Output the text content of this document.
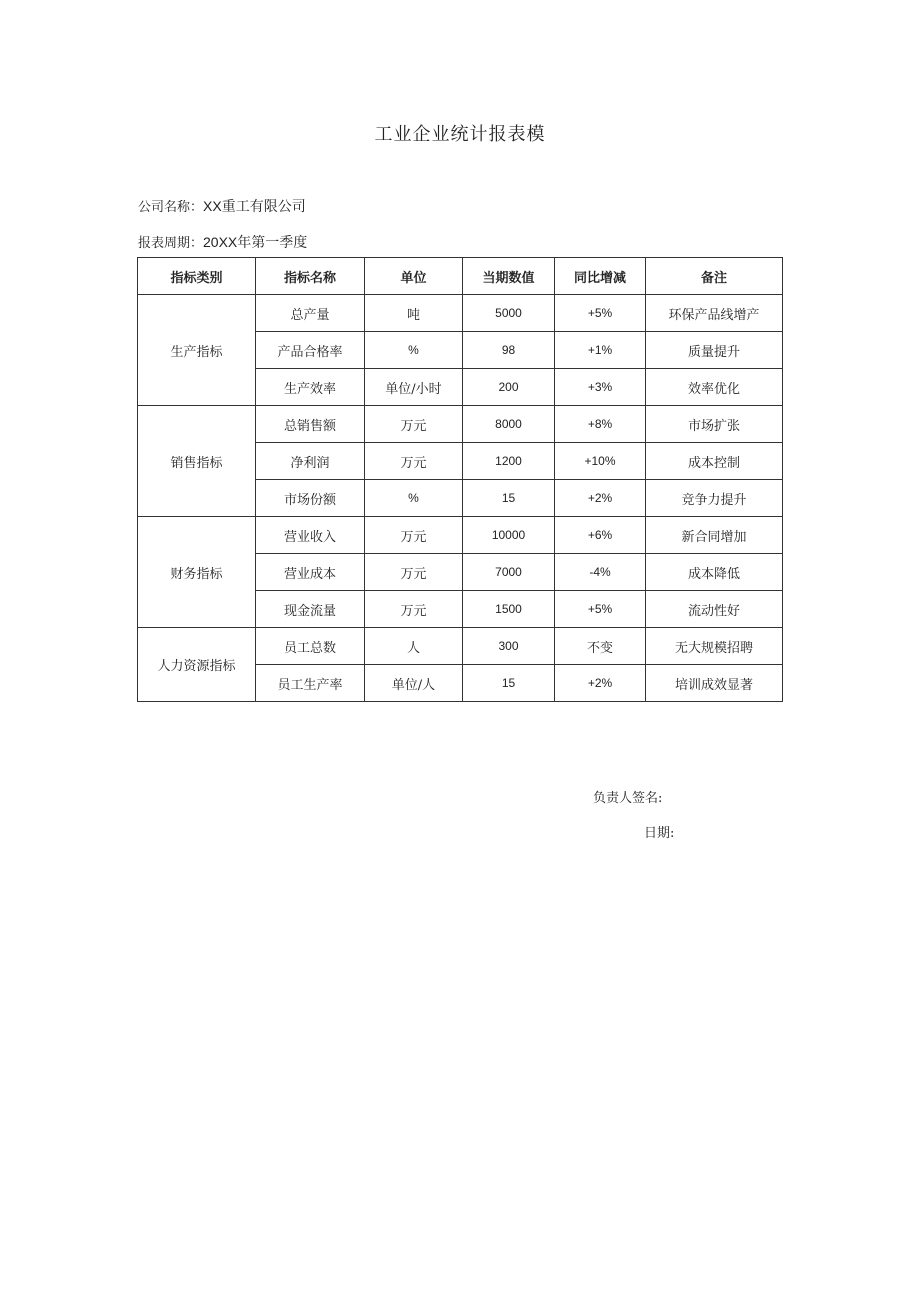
工业企业统计报表模
公司名称：XX重工有限公司
报表周期：20XX年第一季度
指标类别	指标名称	单位	当期数值	同比增减	备注
生产指标	总产量	吨	5000	+5%	环保产品线增产
	产品合格率	%	98	+1%	质量提升
	生产效率	单位/小时	200	+3%	效率优化
销售指标	总销售额	万元	8000	+8%	市场扩张
	净利润	万元	1200	+10%	成本控制
	市场份额	%	15	+2%	竞争力提升
财务指标	营业收入	万元	10000	+6%	新合同增加
	营业成本	万元	7000	-4%	成本降低
	现金流量	万元	1500	+5%	流动性好
人力资源指标	员工总数	人	300	不变	无大规模招聘
	员工生产率	单位/人	15	+2%	培训成效显著
负责人签名:
日期:
